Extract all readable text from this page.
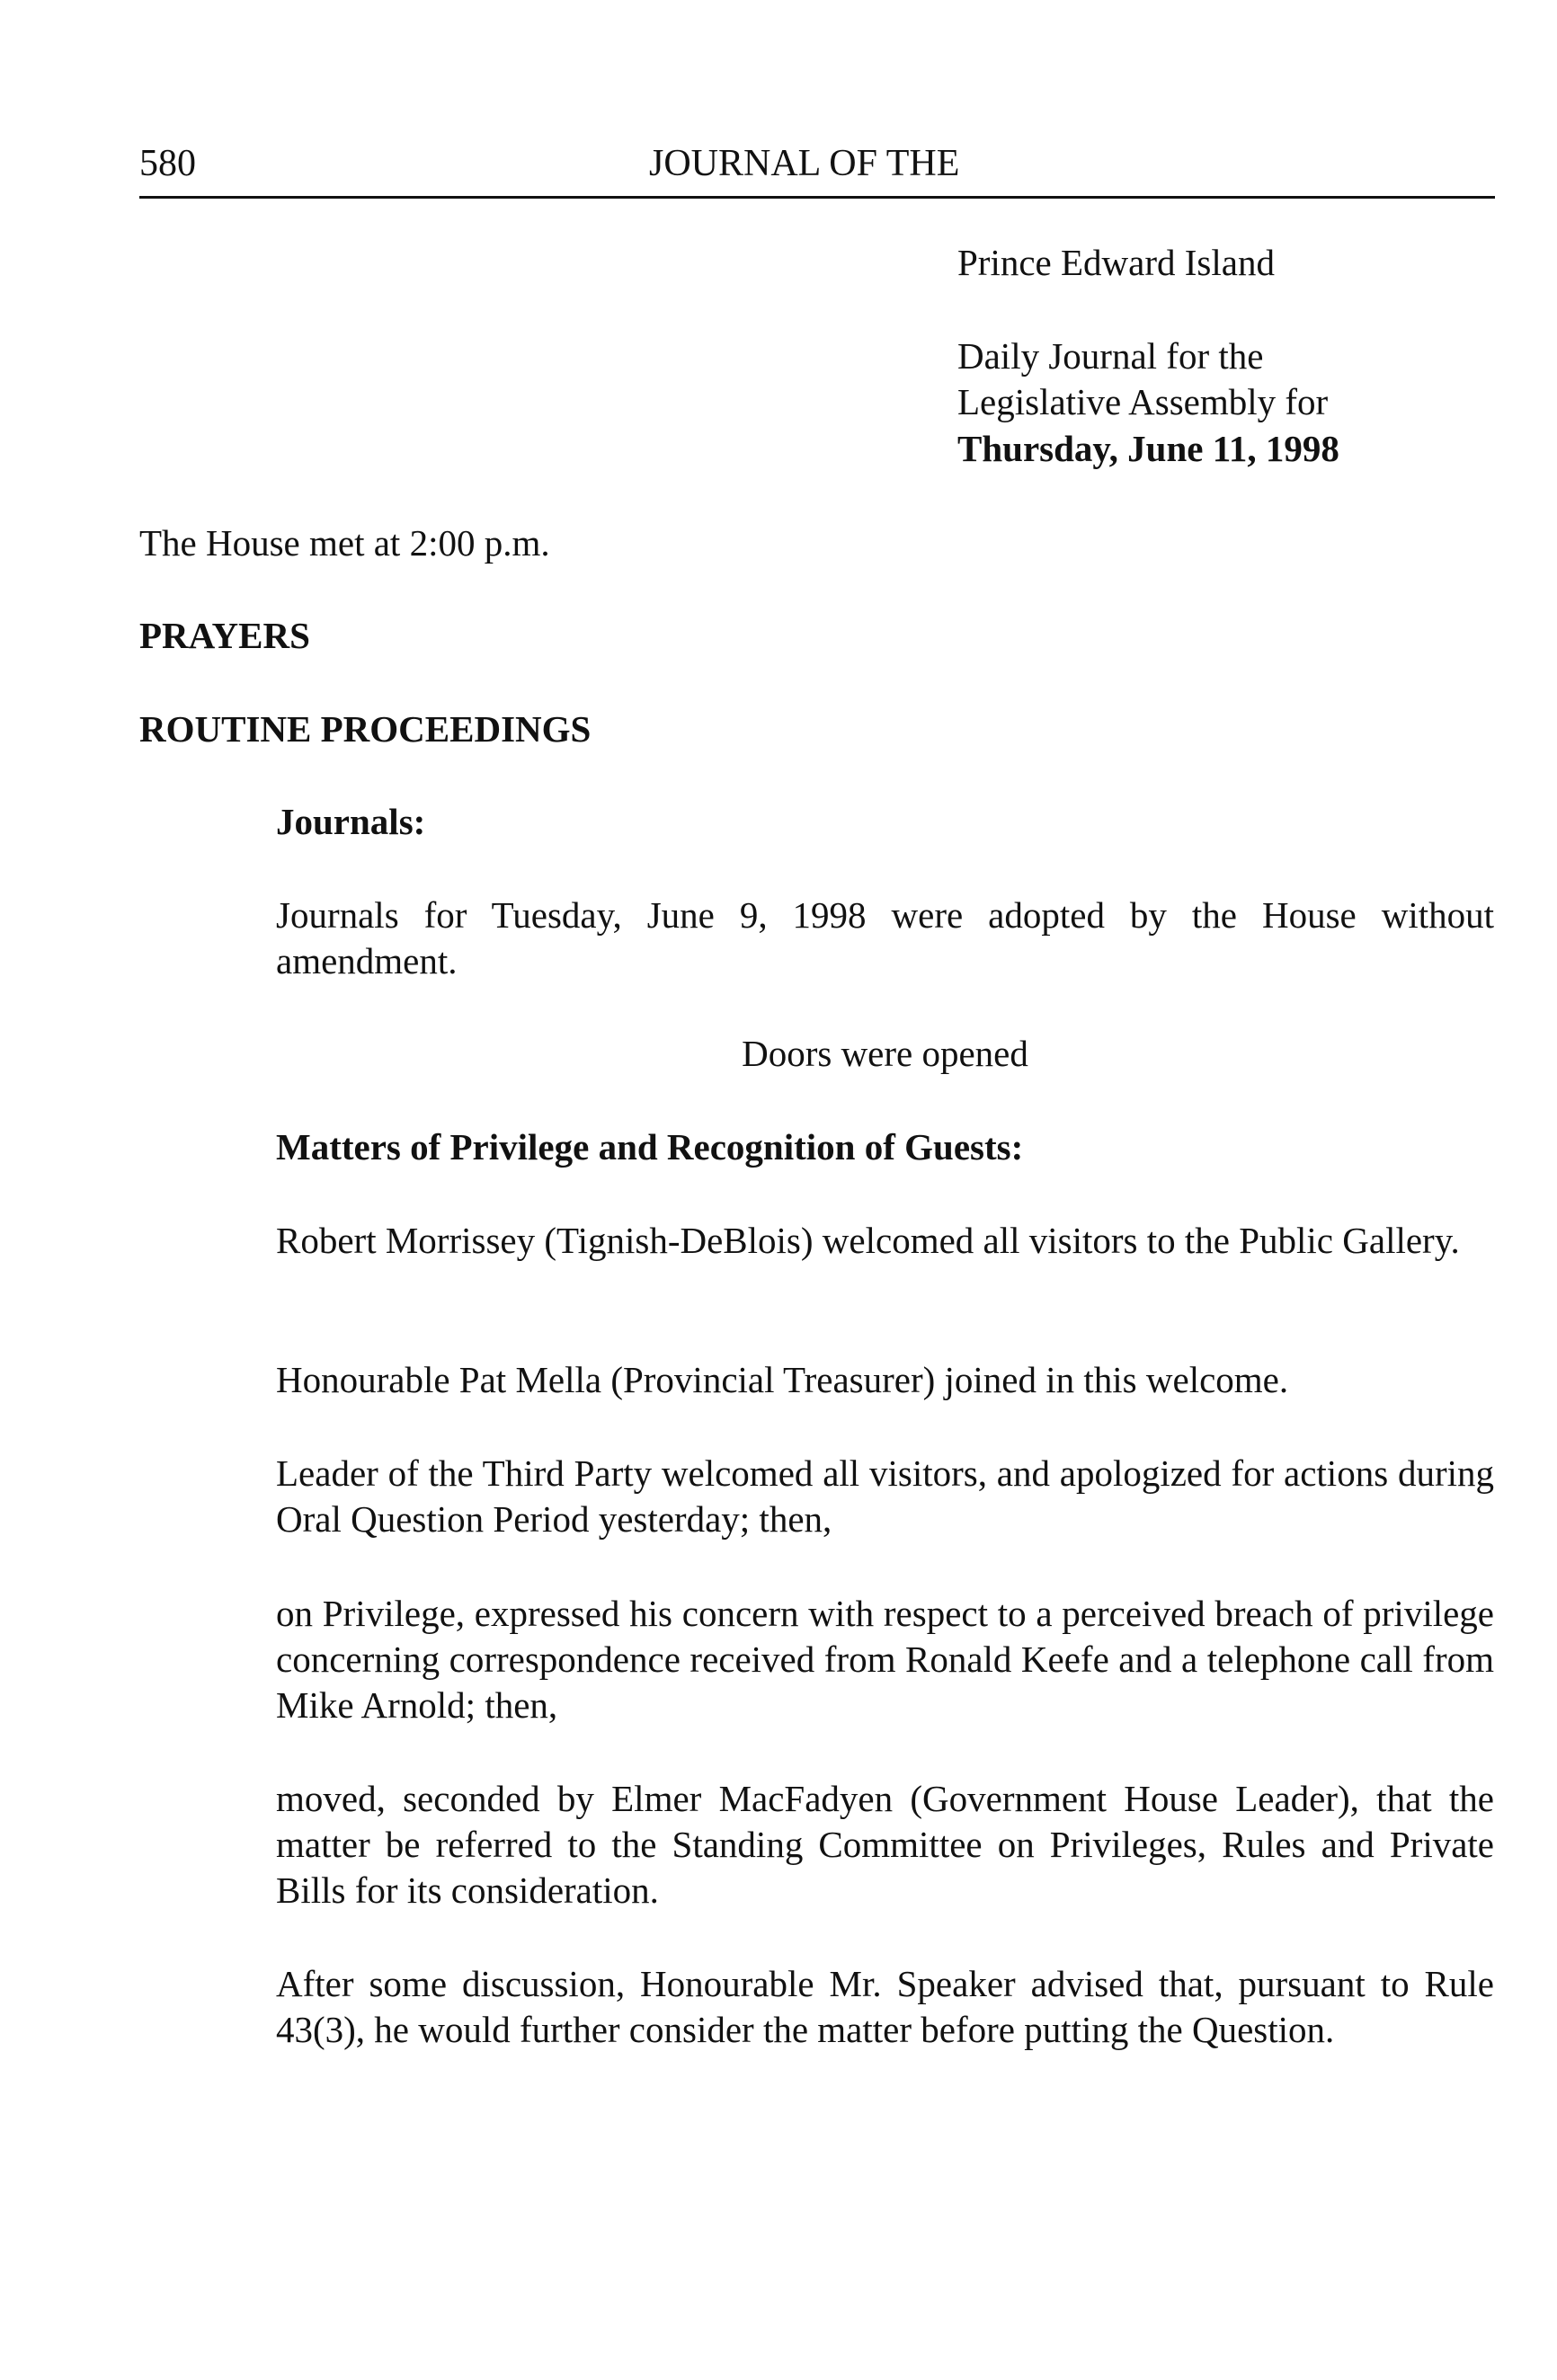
580	JOURNAL OF THE
Prince Edward Island
Daily Journal for the
Legislative Assembly for
Thursday, June 11, 1998
The House met at 2:00 p.m.
PRAYERS
ROUTINE PROCEEDINGS
Journals:
Journals for Tuesday, June 9, 1998 were adopted by the House without amendment.
Doors were opened
Matters of Privilege and Recognition of Guests:
Robert Morrissey (Tignish-DeBlois) welcomed all visitors to the Public Gallery.
Honourable Pat Mella (Provincial Treasurer) joined in this welcome.
Leader of the Third Party welcomed all visitors, and apologized for actions during Oral Question Period yesterday; then,
on Privilege, expressed his concern with respect to a perceived breach of privilege concerning correspondence received from Ronald Keefe and a telephone call from Mike Arnold; then,
moved, seconded by Elmer MacFadyen (Government House Leader), that the matter be referred to the Standing Committee on Privileges, Rules and Private Bills for its consideration.
After some discussion, Honourable Mr. Speaker advised that, pursuant to Rule 43(3), he would further consider the matter before putting the Question.
